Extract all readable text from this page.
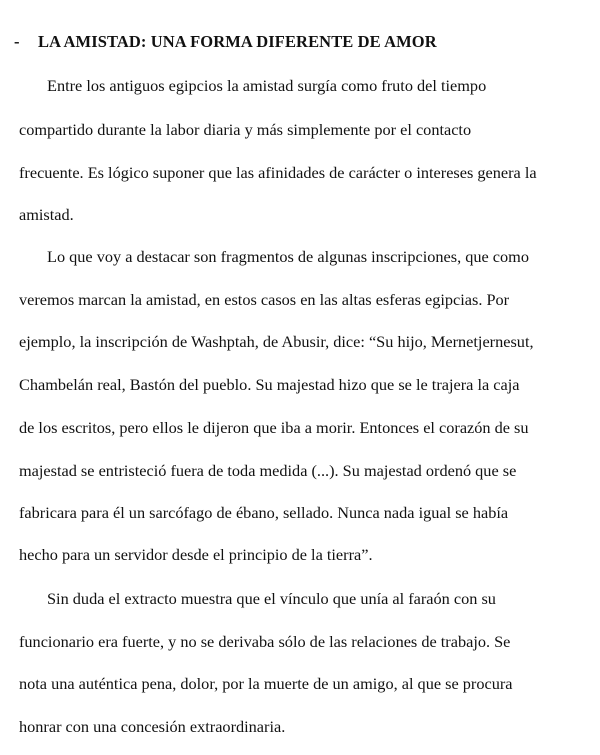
- LA AMISTAD: UNA FORMA DIFERENTE DE AMOR
Entre los antiguos egipcios la amistad surgía como fruto del tiempo
compartido durante la labor diaria y más simplemente por el contacto
frecuente. Es lógico suponer que las afinidades de carácter o intereses genera la
amistad.
Lo que voy a destacar son fragmentos de algunas inscripciones, que como
veremos marcan la amistad, en estos casos en las altas esferas egipcias. Por
ejemplo, la inscripción de Washptah, de Abusir, dice: “Su hijo, Mernetjernesut,
Chambelán real, Bastón del pueblo. Su majestad hizo que se le trajera la caja
de los escritos, pero ellos le dijeron que iba a morir. Entonces el corazón de su
majestad se entristeció fuera de toda medida (...). Su majestad ordenó que se
fabricara para él un sarcófago de ébano, sellado. Nunca nada igual se había
hecho para un servidor desde el principio de la tierra”.
Sin duda el extracto muestra que el vínculo que unía al faraón con su
funcionario era fuerte, y no se derivaba sólo de las relaciones de trabajo. Se
nota una auténtica pena, dolor, por la muerte de un amigo, al que se procura
honrar con una concesión extraordinaria.
